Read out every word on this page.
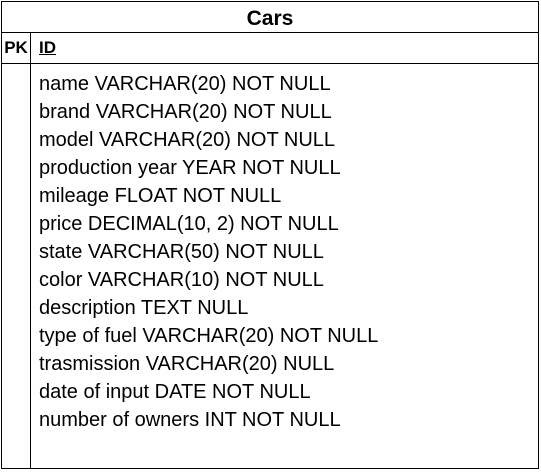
Cars
PK ID
name VARCHAR(20) NOT NULL
brand VARCHAR(20) NOT NULL
model VARCHAR(20) NOT NULL
production year YEAR NOT NULL
mileage FLOAT NOT NULL
price DECIMAL(10, 2) NOT NULL
state VARCHAR(50) NOT NULL
color VARCHAR(10) NOT NULL
description TEXT NULL
type of fuel VARCHAR(20) NOT NULL
trasmission VARCHAR(20) NULL
date of input DATE NOT NULL
number of owners INT NOT NULL
